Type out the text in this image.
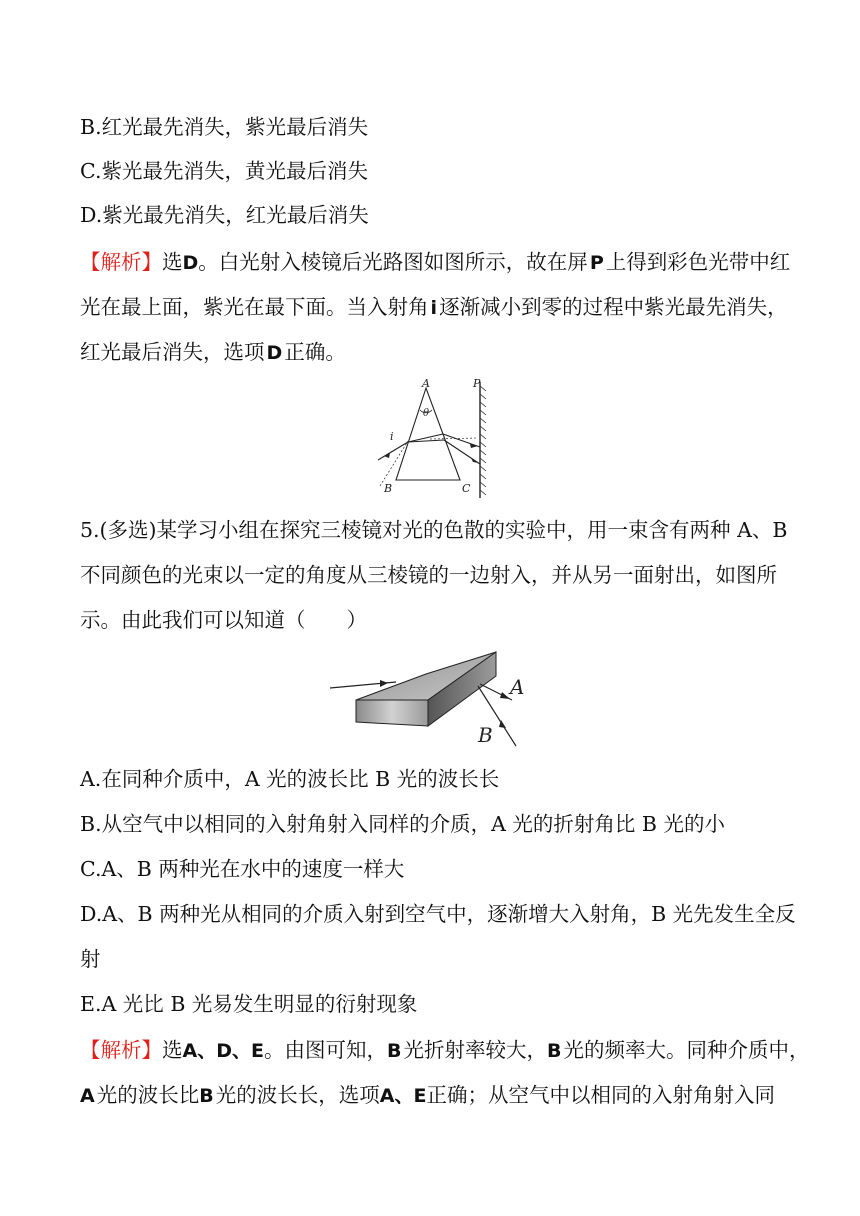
B.红光最先消失，紫光最后消失
C.紫光最先消失，黄光最后消失
D.紫光最先消失，红光最后消失
【解析】选D。白光射入棱镜后光路图如图所示，故在屏  P 上得到彩色光带中红
光在最上面，紫光在最下面。当入射角  i 逐渐减小到零的过程中紫光最先消失，
红光最后消失，选项  D 正确。
A	P
θ
i
B	C
5.(多选)某学习小组在探究三棱镜对光的色散的实验中，用一束含有两种 A、B
不同颜色的光束以一定的角度从三棱镜的一边射入，并从另一面射出，如图所
示。由此我们可以知道（　　）
A
B
A.在同种介质中，A 光的波长比 B 光的波长长
B.从空气中以相同的入射角射入同样的介质，A 光的折射角比 B 光的小
C.A、B 两种光在水中的速度一样大
D.A、B 两种光从相同的介质入射到空气中，逐渐增大入射角，B 光先发生全反
射
E.A 光比 B 光易发生明显的衍射现象
【解析】选A、D、E。由图可知，B 光折射率较大，B 光的频率大。同种介质中，
A 光的波长比B 光的波长长，选项A、E正确；从空气中以相同的入射角射入同
